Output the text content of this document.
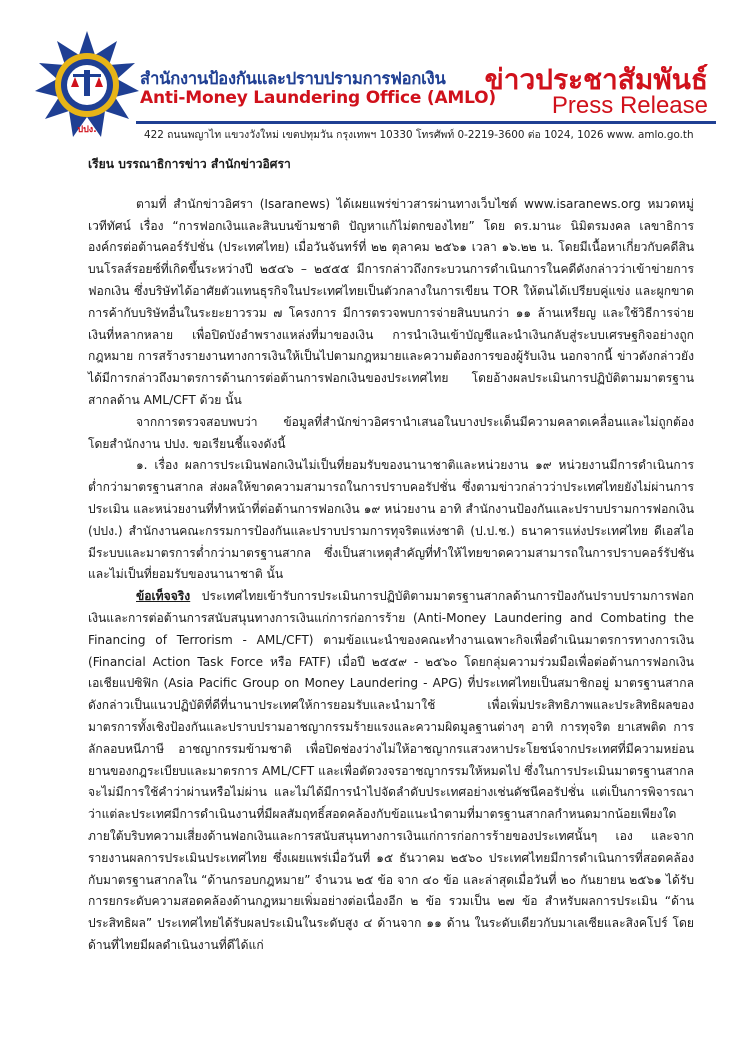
ปปง.
สำนักงานป้องกันและปราบปรามการฟอกเงิน
Anti-Money Laundering Office (AMLO)
ข่าวประชาสัมพันธ์
Press Release
422 ถนนพญาไท แขวงวังใหม่ เขตปทุมวัน กรุงเทพฯ 10330 โทรศัพท์ 0-2219-3600 ต่อ 1024, 1026 www. amlo.go.th
เรียน บรรณาธิการข่าว สำนักข่าวอิศรา

ตามที่ สำนักข่าวอิศรา (Isaranews) ได้เผยแพร่ข่าวสารผ่านทางเว็บไซต์ www.isaranews.org หมวดหมู่ เวทีทัศน์ เรื่อง “การฟอกเงินและสินบนข้ามชาติ ปัญหาแก้ไม่ตกของไทย” โดย ดร.มานะ นิมิตรมงคล เลขาธิการ องค์กรต่อต้านคอร์รัปชั่น (ประเทศไทย) เมื่อวันจันทร์ที่ ๒๒ ตุลาคม ๒๕๖๑ เวลา ๑๖.๒๒ น. โดยมีเนื้อหาเกี่ยวกับคดีสินบนโรลส์รอยซ์ที่เกิดขึ้นระหว่างปี ๒๕๔๖ – ๒๕๕๕ มีการกล่าวถึงกระบวนการดำเนินการในคดีดังกล่าวว่าเข้าข่ายการฟอกเงิน ซึ่งบริษัทได้อาศัยตัวแทนธุรกิจในประเทศไทยเป็นตัวกลางในการเขียน TOR ให้ตนได้เปรียบคู่แข่ง และผูกขาดการค้ากับบริษัทอื่นในระยะยาวรวม ๗ โครงการ มีการตรวจพบการจ่ายสินบนกว่า ๑๑ ล้านเหรียญ และใช้วิธีการจ่ายเงินที่หลากหลาย เพื่อปิดบังอำพรางแหล่งที่มาของเงิน การนำเงินเข้าบัญชีและนำเงินกลับสู่ระบบเศรษฐกิจอย่างถูกกฎหมาย การสร้างรายงานทางการเงินให้เป็นไปตามกฎหมายและความต้องการของผู้รับเงิน นอกจากนี้ ข่าวดังกล่าวยังได้มีการกล่าวถึงมาตรการด้านการต่อต้านการฟอกเงินของประเทศไทย โดยอ้างผลประเมินการปฏิบัติตามมาตรฐานสากลด้าน AML/CFT ด้วย นั้น

จากการตรวจสอบพบว่า ข้อมูลที่สำนักข่าวอิศรานำเสนอในบางประเด็นมีความคลาดเคลื่อนและไม่ถูกต้อง โดยสำนักงาน ปปง. ขอเรียนชี้แจงดังนี้

๑. เรื่อง ผลการประเมินฟอกเงินไม่เป็นที่ยอมรับของนานาชาติและหน่วยงาน ๑๙ หน่วยงานมีการดำเนินการต่ำกว่ามาตรฐานสากล ส่งผลให้ขาดความสามารถในการปราบคอรัปชั่น ซึ่งตามข่าวกล่าวว่าประเทศไทยยังไม่ผ่านการประเมิน และหน่วยงานที่ทำหน้าที่ต่อต้านการฟอกเงิน ๑๙ หน่วยงาน อาทิ สำนักงานป้องกันและปราบปรามการฟอกเงิน (ปปง.) สำนักงานคณะกรรมการป้องกันและปราบปรามการทุจริตแห่งชาติ (ป.ป.ช.) ธนาคารแห่งประเทศไทย ดีเอสไอ มีระบบและมาตรการต่ำกว่ามาตรฐานสากล ซึ่งเป็นสาเหตุสำคัญที่ทำให้ไทยขาดความสามารถในการปราบคอร์รัปชันและไม่เป็นที่ยอมรับของนานาชาติ นั้น

ข้อเท็จจริง ประเทศไทยเข้ารับการประเมินการปฏิบัติตามมาตรฐานสากลด้านการป้องกันปราบปรามการฟอกเงินและการต่อต้านการสนับสนุนทางการเงินแก่การก่อการร้าย (Anti-Money Laundering and Combating the Financing of Terrorism - AML/CFT) ตามข้อแนะนำของคณะทำงานเฉพาะกิจเพื่อดำเนินมาตรการทางการเงิน (Financial Action Task Force หรือ FATF) เมื่อปี ๒๕๕๙ - ๒๕๖๐ โดยกลุ่มความร่วมมือเพื่อต่อต้านการฟอกเงินเอเชียแปซิฟิก (Asia Pacific Group on Money Laundering - APG) ที่ประเทศไทยเป็นสมาชิกอยู่ มาตรฐานสากลดังกล่าวเป็นแนวปฏิบัติที่ดีที่นานาประเทศให้การยอมรับและนำมาใช้ เพื่อเพิ่มประสิทธิภาพและประสิทธิผลของมาตรการทั้งเชิงป้องกันและปราบปรามอาชญากรรมร้ายแรงและความผิดมูลฐานต่างๆ อาทิ การทุจริต ยาเสพติด การลักลอบหนีภาษี อาชญากรรมข้ามชาติ เพื่อปิดช่องว่างไม่ให้อาชญากรแสวงหาประโยชน์จากประเทศที่มีความหย่อนยานของกฎระเบียบและมาตรการ AML/CFT และเพื่อตัดวงจรอาชญากรรมให้หมดไป ซึ่งในการประเมินมาตรฐานสากลจะไม่มีการใช้คำว่าผ่านหรือไม่ผ่าน และไม่ได้มีการนำไปจัดลำดับประเทศอย่างเช่นดัชนีคอรัปชั่น แต่เป็นการพิจารณาว่าแต่ละประเทศมีการดำเนินงานที่มีผลสัมฤทธิ์สอดคล้องกับข้อแนะนำตามที่มาตรฐานสากลกำหนดมากน้อยเพียงใด ภายใต้บริบทความเสี่ยงด้านฟอกเงินและการสนับสนุนทางการเงินแก่การก่อการร้ายของประเทศนั้นๆ เอง และจากรายงานผลการประเมินประเทศไทย ซึ่งเผยแพร่เมื่อวันที่ ๑๕ ธันวาคม ๒๕๖๐ ประเทศไทยมีการดำเนินการที่สอดคล้องกับมาตรฐานสากลใน “ด้านกรอบกฎหมาย” จำนวน ๒๕ ข้อ จาก ๔๐ ข้อ และล่าสุดเมื่อวันที่ ๒๐ กันยายน ๒๕๖๑ ได้รับการยกระดับความสอดคล้องด้านกฎหมายเพิ่มอย่างต่อเนื่องอีก ๒ ข้อ รวมเป็น ๒๗ ข้อ สำหรับผลการประเมิน “ด้านประสิทธิผล” ประเทศไทยได้รับผลประเมินในระดับสูง ๔ ด้านจาก ๑๑ ด้าน ในระดับเดียวกับมาเลเซียและสิงคโปร์ โดยด้านที่ไทยมีผลดำเนินงานที่ดีได้แก่
